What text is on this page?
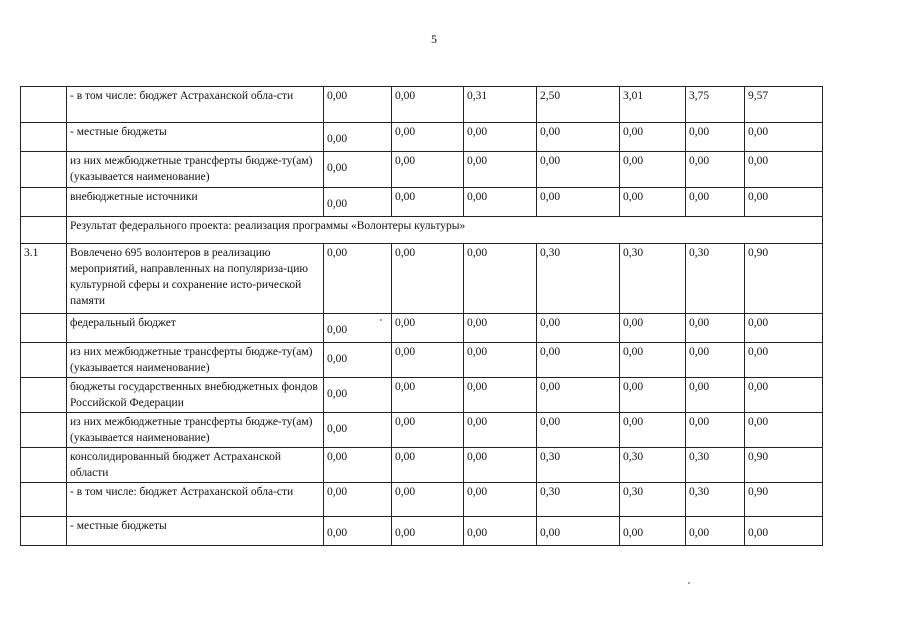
5
	- в том числе: бюджет Астраханской обла-сти	0,00	0,00	0,31	2,50	3,01	3,75	9,57
	- местные бюджеты	0,00	0,00	0,00	0,00	0,00	0,00	0,00
	из них межбюджетные трансферты бюдже-ту(ам) (указывается наименование)	0,00	0,00	0,00	0,00	0,00	0,00	0,00
	внебюджетные источники	0,00	0,00	0,00	0,00	0,00	0,00	0,00
	Результат федерального проекта: реализация программы «Волонтеры культуры»							
3.1	Вовлечено 695 волонтеров в реализацию мероприятий, направленных на популяриза-цию культурной сферы и сохранение исто-рической памяти	0,00	0,00	0,00	0,30	0,30	0,30	0,90
	федеральный бюджет	0,00	0,00	0,00	0,00	0,00	0,00	0,00
	из них межбюджетные трансферты бюдже-ту(ам) (указывается наименование)	0,00	0,00	0,00	0,00	0,00	0,00	0,00
	бюджеты государственных внебюджетных фондов Российской Федерации	0,00	0,00	0,00	0,00	0,00	0,00	0,00
	из них межбюджетные трансферты бюдже-ту(ам) (указывается наименование)	0,00	0,00	0,00	0,00	0,00	0,00	0,00
	консолидированный бюджет Астраханской области	0,00	0,00	0,00	0,30	0,30	0,30	0,90
	- в том числе: бюджет Астраханской обла-сти	0,00	0,00	0,00	0,30	0,30	0,30	0,90
	- местные бюджеты	0,00	0,00	0,00	0,00	0,00	0,00	0,00
